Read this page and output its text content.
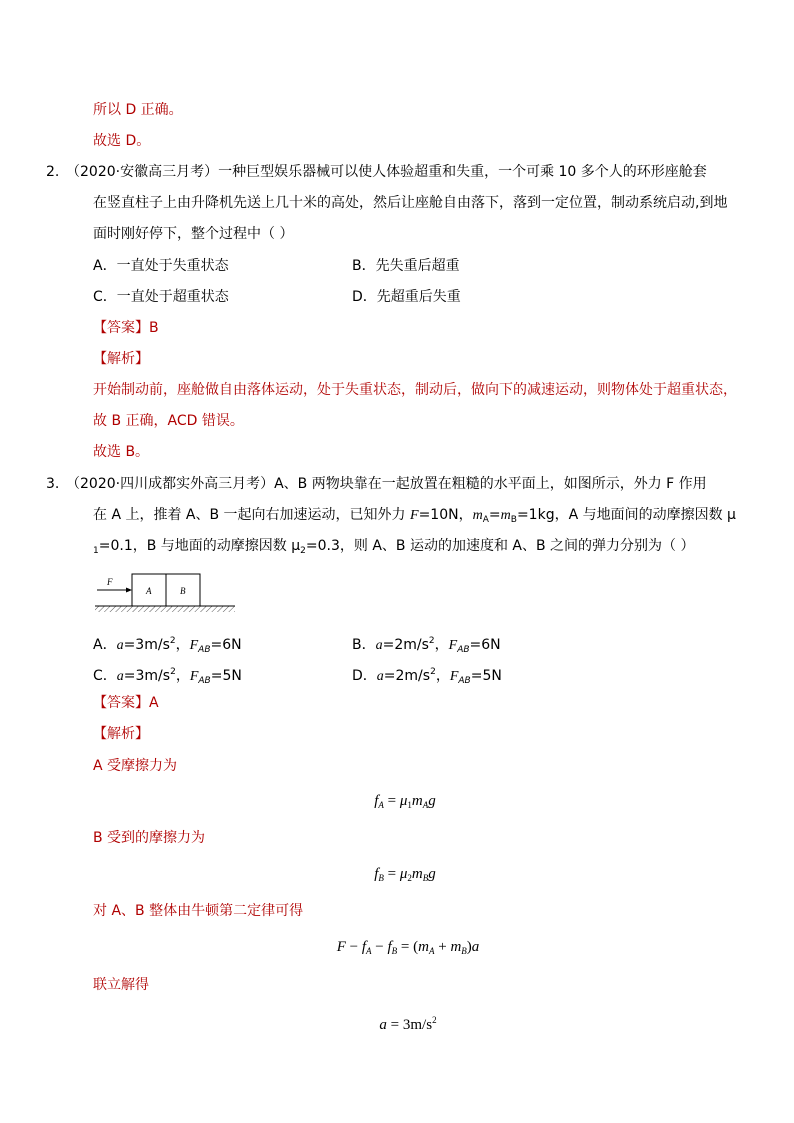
所以 D 正确。
故选 D。
2. （2020·安徽高三月考）一种巨型娱乐器械可以使人体验超重和失重，一个可乘 10 多个人的环形座舱套
在竖直柱子上由升降机先送上几十米的高处，然后让座舱自由落下，落到一定位置，制动系统启动,到地
面时刚好停下，整个过程中（ ）
A．一直处于失重状态	B．先失重后超重
C．一直处于超重状态	D．先超重后失重
【答案】B
【解析】
开始制动前，座舱做自由落体运动，处于失重状态，制动后，做向下的减速运动，则物体处于超重状态，
故 B 正确，ACD 错误。
故选 B。
3. （2020·四川成都实外高三月考）A、B 两物块靠在一起放置在粗糙的水平面上，如图所示，外力 F 作用
在 A 上，推着 A、B 一起向右加速运动，已知外力 F=10N，$m_A=m_B=1kg$，A 与地面间的动摩擦因数 μ
$_1$=0.1，B 与地面的动摩擦因数 $\mu_2=0.3$，则 A、B 运动的加速度和 A、B 之间的弹力分别为（ ）
F
A	B
A．$a=3m/s^2$，$F_{AB}=6N$	B．$a=2m/s^2$，$F_{AB}=6N$
C．$a=3m/s^2$，$F_{AB}=5N$	D．$a=2m/s^2$，$F_{AB}=5N$
【答案】A
【解析】
A 受摩擦力为
$f_A = \mu_1m_Ag$
B 受到的摩擦力为
$f_B = \mu_2m_Bg$
对 A、B 整体由牛顿第二定律可得
$F - f_A - f_B = (m_A + m_B)a$
联立解得
$a = 3m/s^2$
